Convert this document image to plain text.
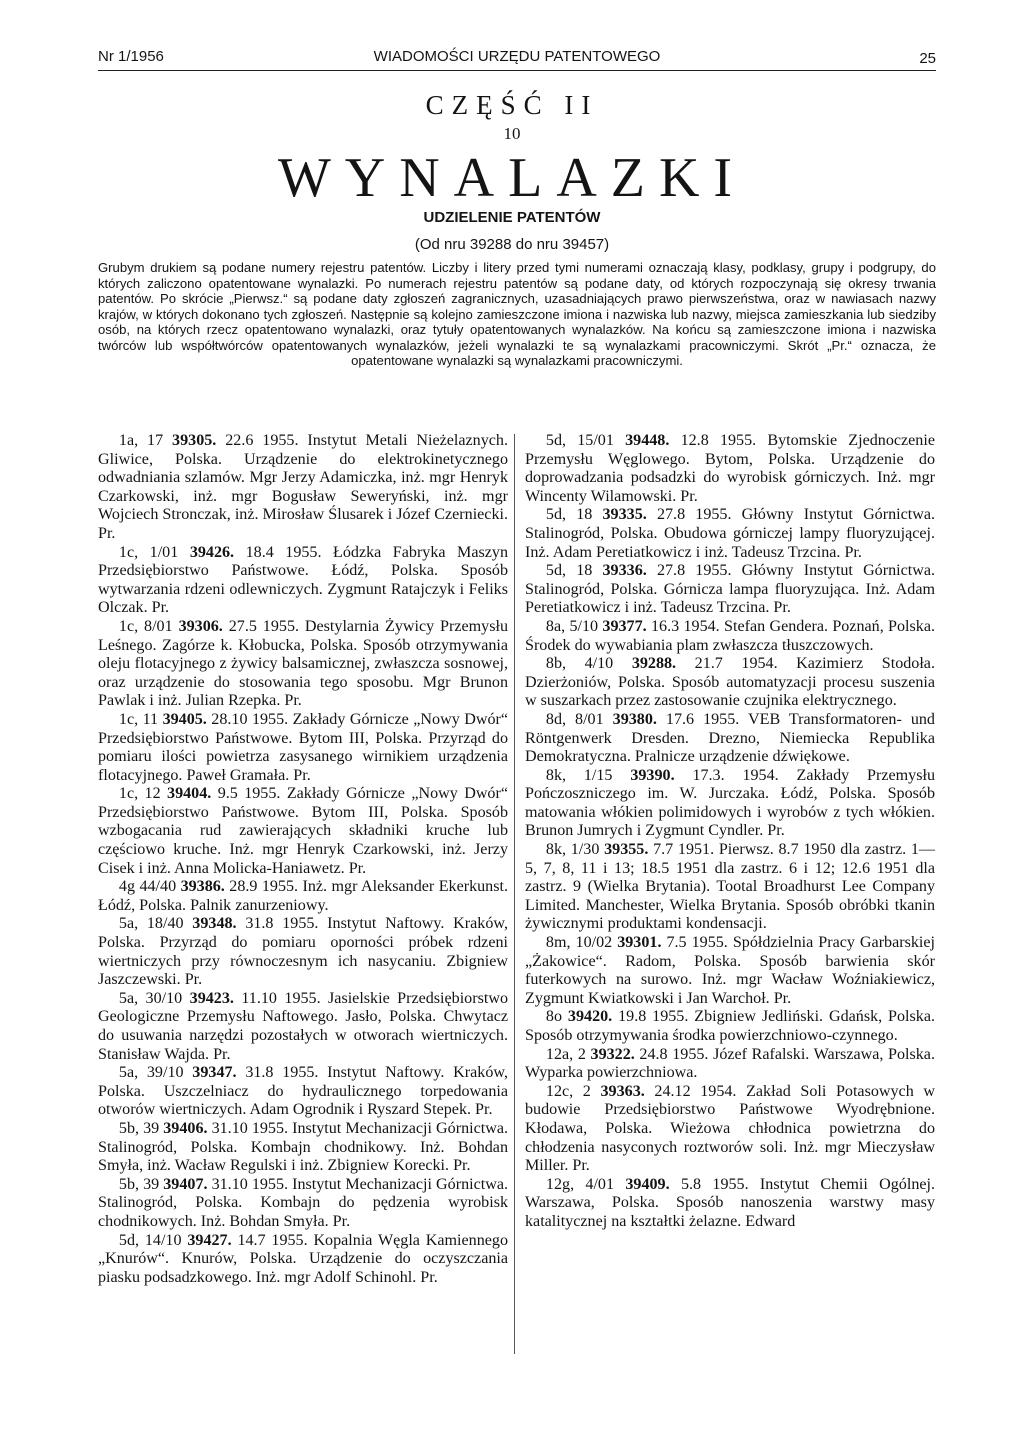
Nr 1/1956	WIADOMOŚCI URZĘDU PATENTOWEGO	25
CZĘŚĆ II
10
WYNALAZKI
UDZIELENIE PATENTÓW
(Od nru 39288 do nru 39457)
Grubym drukiem są podane numery rejestru patentów. Liczby i litery przed tymi numerami oznaczają klasy, podklasy, grupy i podgrupy, do których zaliczono opatentowane wynalazki. Po numerach rejestru patentów są podane daty, od których rozpoczynają się okresy trwania patentów. Po skrócie „Pierwsz.“ są podane daty zgłoszeń zagranicznych, uzasadniających prawo pierwszeństwa, oraz w nawiasach nazwy krajów, w których dokonano tych zgłoszeń. Następnie są kolejno zamieszczone imiona i nazwiska lub nazwy, miejsca zamieszkania lub siedziby osób, na których rzecz opatentowano wynalazki, oraz tytuły opatentowanych wynalazków. Na końcu są zamieszczone imiona i nazwiska twórców lub współtwórców opatentowanych wynalazków, jeżeli wynalazki te są wynalazkami pracowniczymi. Skrót „Pr.“ oznacza, że opatentowane wynalazki są wynalazkami pracowniczymi.

1a, 17 39305. 22.6 1955. Instytut Metali Nieżelaznych. Gliwice, Polska. Urządzenie do elektrokinetycznego odwadniania szlamów. Mgr Jerzy Adamiczka, inż. mgr Henryk Czarkowski, inż. mgr Bogusław Seweryński, inż. mgr Wojciech Stronczak, inż. Mirosław Ślusarek i Józef Czerniecki. Pr.

1c, 1/01 39426. 18.4 1955. Łódzka Fabryka Maszyn Przedsiębiorstwo Państwowe. Łódź, Polska. Sposób wytwarzania rdzeni odlewniczych. Zygmunt Ratajczyk i Feliks Olczak. Pr.

1c, 8/01 39306. 27.5 1955. Destylarnia Żywicy Przemysłu Leśnego. Zagórze k. Kłobucka, Polska. Sposób otrzymywania oleju flotacyjnego z żywicy balsamicznej, zwłaszcza sosnowej, oraz urządzenie do stosowania tego sposobu. Mgr Brunon Pawlak i inż. Julian Rzepka. Pr.

1c, 11 39405. 28.10 1955. Zakłady Górnicze „Nowy Dwór“ Przedsiębiorstwo Państwowe. Bytom III, Polska. Przyrząd do pomiaru ilości powietrza zasysanego wirnikiem urządzenia flotacyjnego. Paweł Gramała. Pr.

1c, 12 39404. 9.5 1955. Zakłady Górnicze „Nowy Dwór“ Przedsiębiorstwo Państwowe. Bytom III, Polska. Sposób wzbogacania rud zawierających składniki kruche lub częściowo kruche. Inż. mgr Henryk Czarkowski, inż. Jerzy Cisek i inż. Anna Molicka-Haniawetz. Pr.

4g 44/40 39386. 28.9 1955. Inż. mgr Aleksander Ekerkunst. Łódź, Polska. Palnik zanurzeniowy.

5a, 18/40 39348. 31.8 1955. Instytut Naftowy. Kraków, Polska. Przyrząd do pomiaru oporności próbek rdzeni wiertniczych przy równoczesnym ich nasycaniu. Zbigniew Jaszczewski. Pr.

5a, 30/10 39423. 11.10 1955. Jasielskie Przedsiębiorstwo Geologiczne Przemysłu Naftowego. Jasło, Polska. Chwytacz do usuwania narzędzi pozostałych w otworach wiertniczych. Stanisław Wajda. Pr.

5a, 39/10 39347. 31.8 1955. Instytut Naftowy. Kraków, Polska. Uszczelniacz do hydraulicznego torpedowania otworów wiertniczych. Adam Ogrodnik i Ryszard Stepek. Pr.

5b, 39 39406. 31.10 1955. Instytut Mechanizacji Górnictwa. Stalinogród, Polska. Kombajn chodnikowy. Inż. Bohdan Smyła, inż. Wacław Regulski i inż. Zbigniew Korecki. Pr.

5b, 39 39407. 31.10 1955. Instytut Mechanizacji Górnictwa. Stalinogród, Polska. Kombajn do pędzenia wyrobisk chodnikowych. Inż. Bohdan Smyła. Pr.

5d, 14/10 39427. 14.7 1955. Kopalnia Węgla Kamiennego „Knurów“. Knurów, Polska. Urządzenie do oczyszczania piasku podsadzkowego. Inż. mgr Adolf Schinohl. Pr.

5d, 15/01 39448. 12.8 1955. Bytomskie Zjednoczenie Przemysłu Węglowego. Bytom, Polska. Urządzenie do doprowadzania podsadzki do wyrobisk górniczych. Inż. mgr Wincenty Wilamowski. Pr.

5d, 18 39335. 27.8 1955. Główny Instytut Górnictwa. Stalinogród, Polska. Obudowa górniczej lampy fluoryzującej. Inż. Adam Peretiatkowicz i inż. Tadeusz Trzcina. Pr.

5d, 18 39336. 27.8 1955. Główny Instytut Górnictwa. Stalinogród, Polska. Górnicza lampa fluoryzująca. Inż. Adam Peretiatkowicz i inż. Tadeusz Trzcina. Pr.

8a, 5/10 39377. 16.3 1954. Stefan Gendera. Poznań, Polska. Środek do wywabiania plam zwłaszcza tłuszczowych.

8b, 4/10 39288. 21.7 1954. Kazimierz Stodoła. Dzierżoniów, Polska. Sposób automatyzacji procesu suszenia w suszarkach przez zastosowanie czujnika elektrycznego.

8d, 8/01 39380. 17.6 1955. VEB Transformatoren- und Röntgenwerk Dresden. Drezno, Niemiecka Republika Demokratyczna. Pralnicze urządzenie dźwiękowe.

8k, 1/15 39390. 17.3. 1954. Zakłady Przemysłu Pończoszniczego im. W. Jurczaka. Łódź, Polska. Sposób matowania włókien polimidowych i wyrobów z tych włókien. Brunon Jumrych i Zygmunt Cyndler. Pr.

8k, 1/30 39355. 7.7 1951. Pierwsz. 8.7 1950 dla zastrz. 1—5, 7, 8, 11 i 13; 18.5 1951 dla zastrz. 6 i 12; 12.6 1951 dla zastrz. 9 (Wielka Brytania). Tootal Broadhurst Lee Company Limited. Manchester, Wielka Brytania. Sposób obróbki tkanin żywicznymi produktami kondensacji.

8m, 10/02 39301. 7.5 1955. Spółdzielnia Pracy Garbarskiej „Żakowice“. Radom, Polska. Sposób barwienia skór futerkowych na surowo. Inż. mgr Wacław Woźniakiewicz, Zygmunt Kwiatkowski i Jan Warchoł. Pr.

8o 39420. 19.8 1955. Zbigniew Jedliński. Gdańsk, Polska. Sposób otrzymywania środka powierzchniowo-czynnego.

12a, 2 39322. 24.8 1955. Józef Rafalski. Warszawa, Polska. Wyparka powierzchniowa.

12c, 2 39363. 24.12 1954. Zakład Soli Potasowych w budowie Przedsiębiorstwo Państwowe Wyodrębnione. Kłodawa, Polska. Wieżowa chłodnica powietrzna do chłodzenia nasyconych roztworów soli. Inż. mgr Mieczysław Miller. Pr.

12g, 4/01 39409. 5.8 1955. Instytut Chemii Ogólnej. Warszawa, Polska. Sposób nanoszenia warstwy masy katalitycznej na kształtki żelazne. Edward
